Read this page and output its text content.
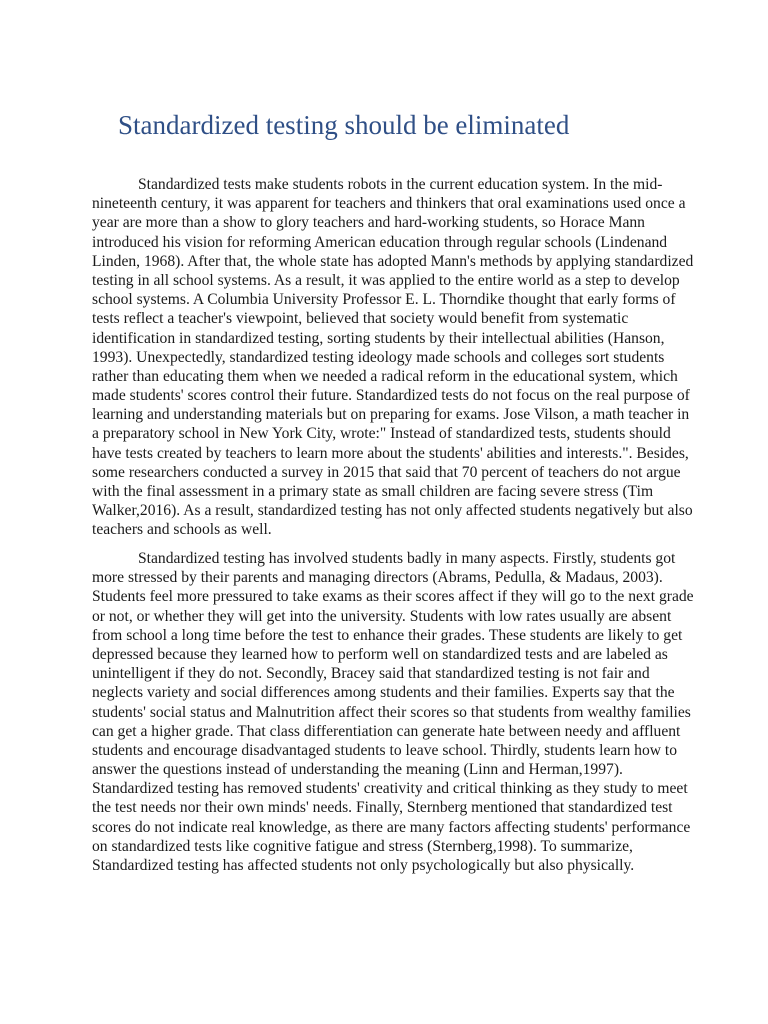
Standardized testing should be eliminated
Standardized tests make students robots in the current education system. In the mid-
nineteenth century, it was apparent for teachers and thinkers that oral examinations used once a
year are more than a show to glory teachers and hard-working students, so Horace Mann
introduced his vision for reforming American education through regular schools (Lindenand
Linden, 1968). After that, the whole state has adopted Mann's methods by applying standardized
testing in all school systems. As a result, it was applied to the entire world as a step to develop
school systems. A Columbia University Professor E. L. Thorndike thought that early forms of
tests reflect a teacher's viewpoint, believed that society would benefit from systematic
identification in standardized testing, sorting students by their intellectual abilities (Hanson,
1993). Unexpectedly, standardized testing ideology made schools and colleges sort students
rather than educating them when we needed a radical reform in the educational system, which
made students' scores control their future. Standardized tests do not focus on the real purpose of
learning and understanding materials but on preparing for exams. Jose Vilson, a math teacher in
a preparatory school in New York City, wrote:" Instead of standardized tests, students should
have tests created by teachers to learn more about the students' abilities and interests.". Besides,
some researchers conducted a survey in 2015 that said that 70 percent of teachers do not argue
with the final assessment in a primary state as small children are facing severe stress (Tim
Walker,2016). As a result, standardized testing has not only affected students negatively but also
teachers and schools as well.
Standardized testing has involved students badly in many aspects. Firstly, students got
more stressed by their parents and managing directors (Abrams, Pedulla, & Madaus, 2003).
Students feel more pressured to take exams as their scores affect if they will go to the next grade
or not, or whether they will get into the university. Students with low rates usually are absent
from school a long time before the test to enhance their grades. These students are likely to get
depressed because they learned how to perform well on standardized tests and are labeled as
unintelligent if they do not. Secondly, Bracey said that standardized testing is not fair and
neglects variety and social differences among students and their families. Experts say that the
students' social status and Malnutrition affect their scores so that students from wealthy families
can get a higher grade. That class differentiation can generate hate between needy and affluent
students and encourage disadvantaged students to leave school. Thirdly, students learn how to
answer the questions instead of understanding the meaning (Linn and Herman,1997).
Standardized testing has removed students' creativity and critical thinking as they study to meet
the test needs nor their own minds' needs. Finally, Sternberg mentioned that standardized test
scores do not indicate real knowledge, as there are many factors affecting students' performance
on standardized tests like cognitive fatigue and stress (Sternberg,1998). To summarize,
Standardized testing has affected students not only psychologically but also physically.
